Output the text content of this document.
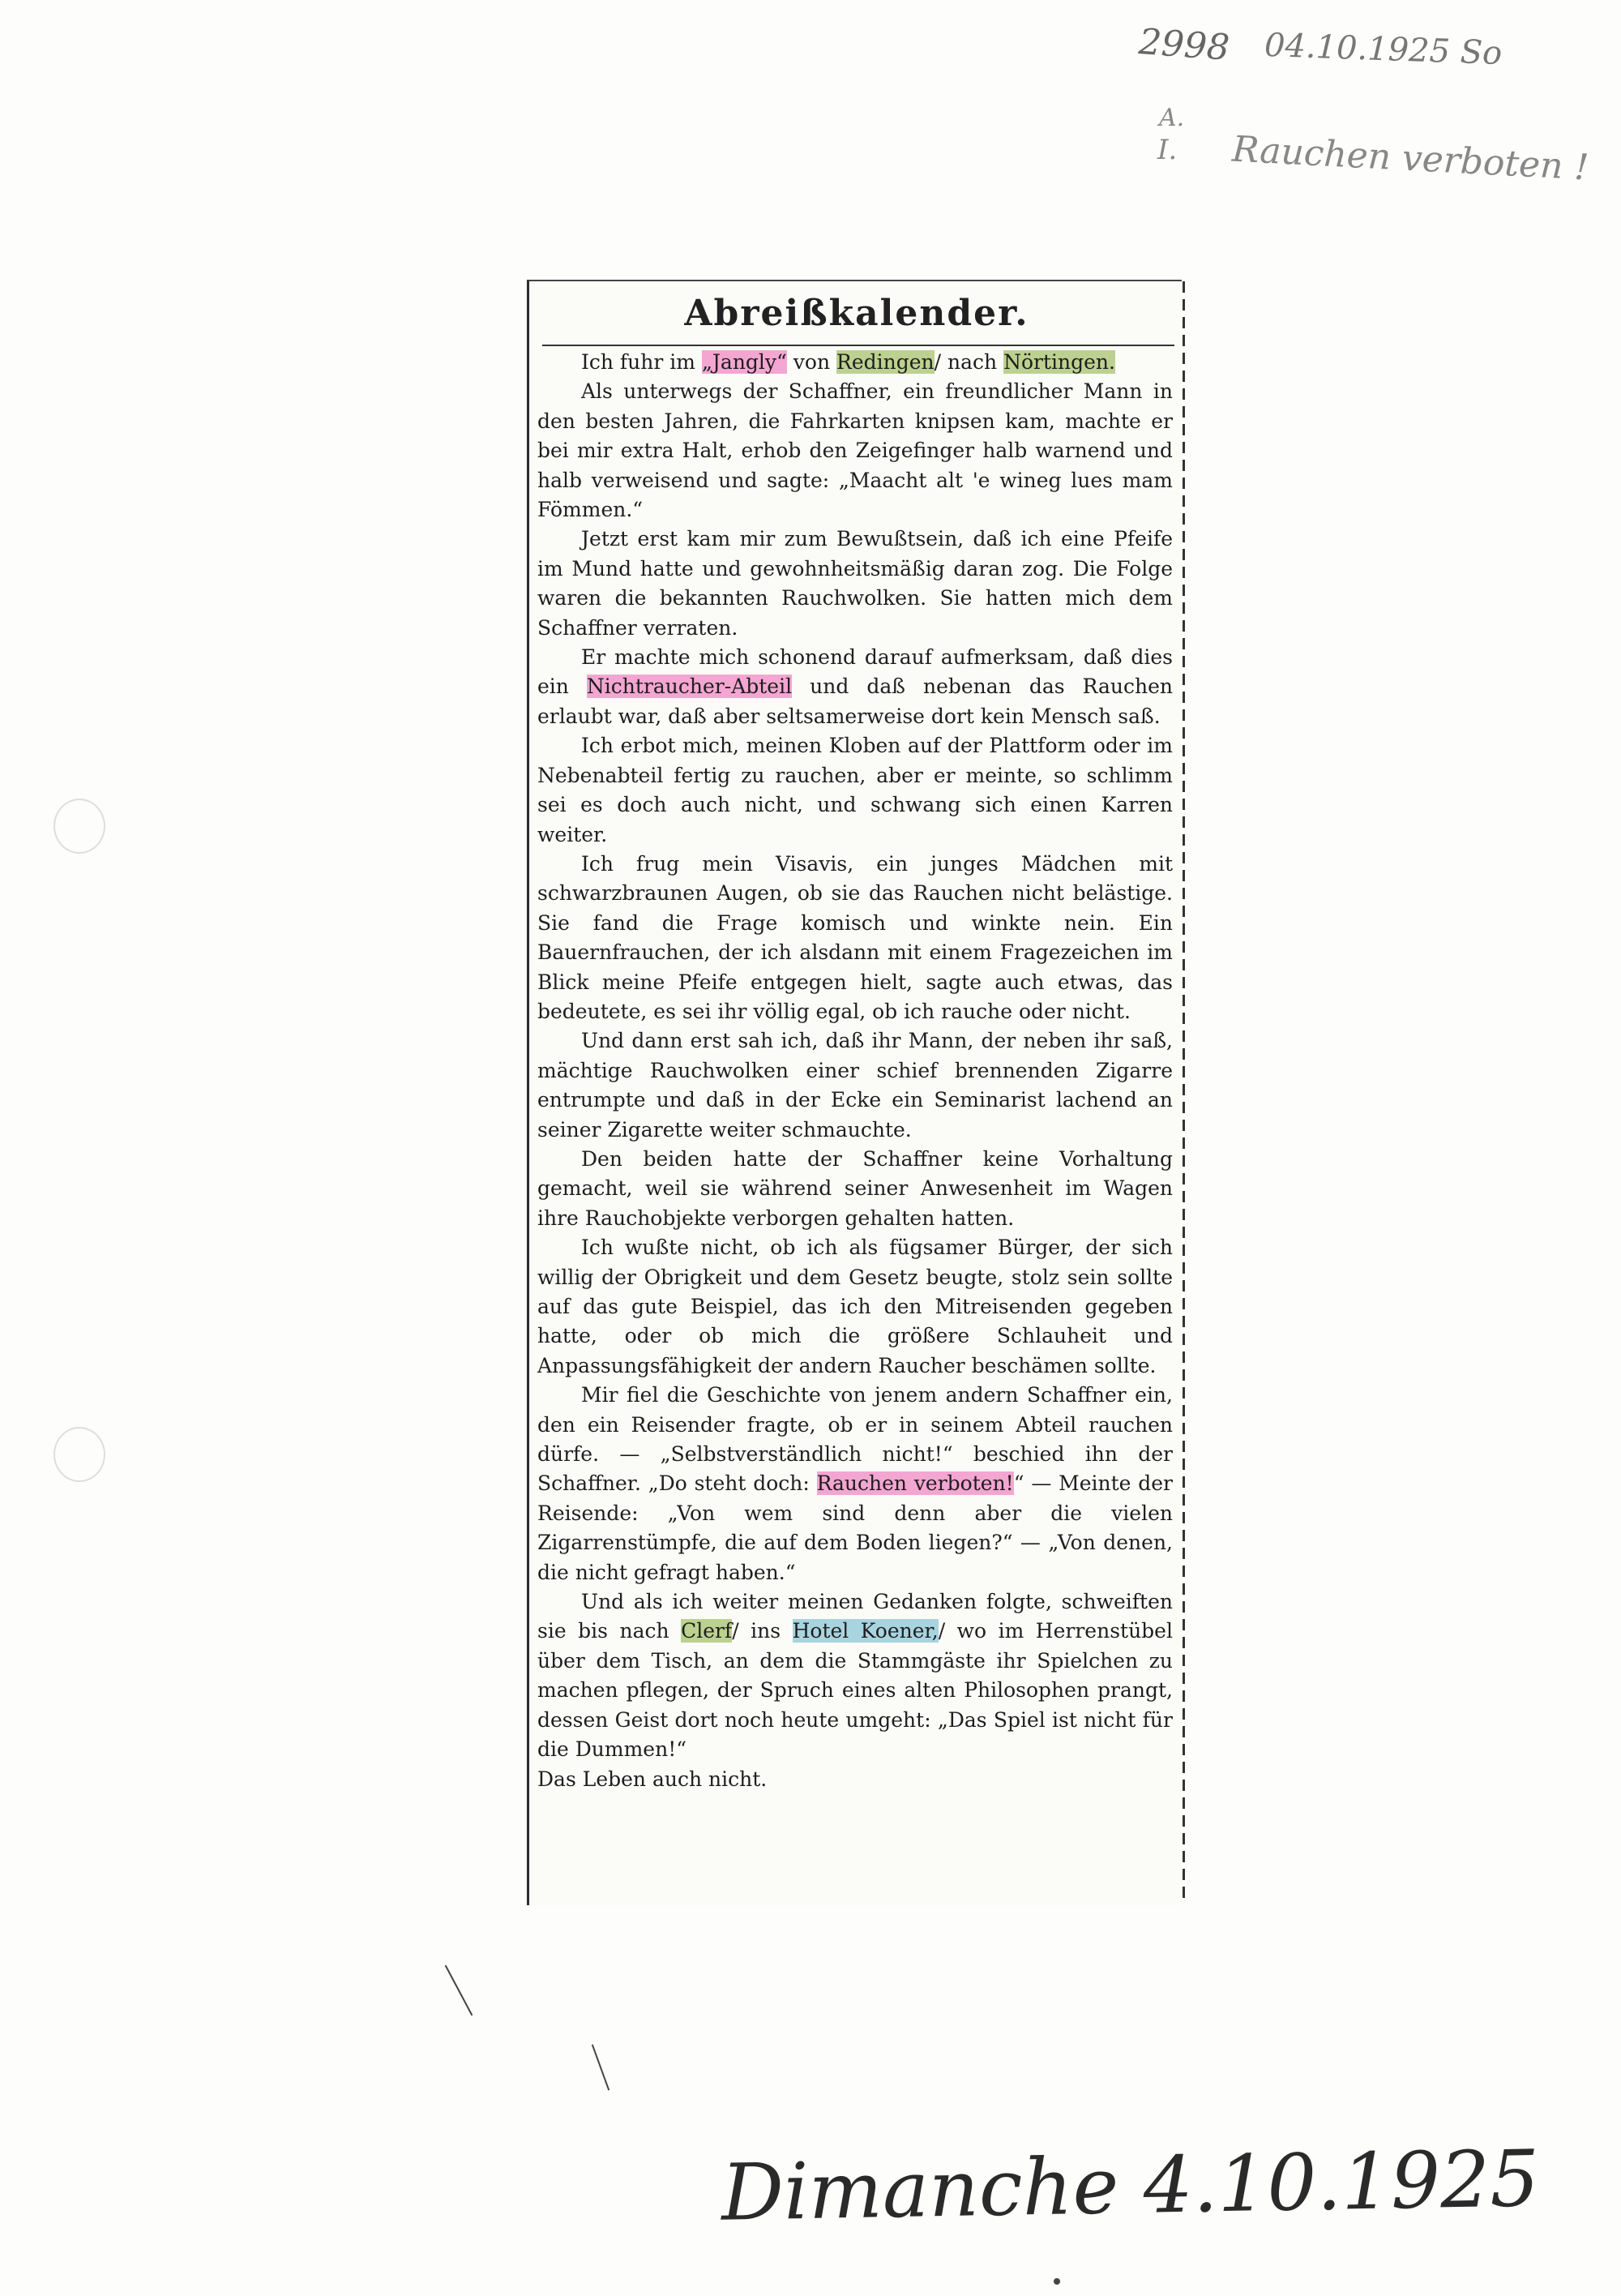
2998 04.10.1925 So
A.
I. Rauchen verboten !
Abreißkalender.

Ich fuhr im „Jangly“ von Redingen/ nach Nörtingen.

Als unterwegs der Schaffner, ein freundlicher Mann in den besten Jahren, die Fahrkarten knipsen kam, machte er bei mir extra Halt, erhob den Zeigefinger halb warnend und halb verweisend und sagte: „Maacht alt 'e wineg lues mam Fömmen.“

Jetzt erst kam mir zum Bewußtsein, daß ich eine Pfeife im Mund hatte und gewohnheitsmäßig daran zog. Die Folge waren die bekannten Rauchwolken. Sie hatten mich dem Schaffner verraten.

Er machte mich schonend darauf aufmerksam, daß dies ein Nichtraucher-Abteil und daß nebenan das Rauchen erlaubt war, daß aber seltsamerweise dort kein Mensch saß.

Ich erbot mich, meinen Kloben auf der Plattform oder im Nebenabteil fertig zu rauchen, aber er meinte, so schlimm sei es doch auch nicht, und schwang sich einen Karren weiter.

Ich frug mein Visavis, ein junges Mädchen mit schwarzbraunen Augen, ob sie das Rauchen nicht belästige. Sie fand die Frage komisch und winkte nein. Ein Bauernfrauchen, der ich alsdann mit einem Fragezeichen im Blick meine Pfeife entgegen hielt, sagte auch etwas, das bedeutete, es sei ihr völlig egal, ob ich rauche oder nicht.

Und dann erst sah ich, daß ihr Mann, der neben ihr saß, mächtige Rauchwolken einer schief brennenden Zigarre entrumpte und daß in der Ecke ein Seminarist lachend an seiner Zigarette weiter schmauchte.

Den beiden hatte der Schaffner keine Vorhaltung gemacht, weil sie während seiner Anwesenheit im Wagen ihre Rauchobjekte verborgen gehalten hatten.

Ich wußte nicht, ob ich als fügsamer Bürger, der sich willig der Obrigkeit und dem Gesetz beugte, stolz sein sollte auf das gute Beispiel, das ich den Mitreisenden gegeben hatte, oder ob mich die größere Schlauheit und Anpassungsfähigkeit der andern Raucher beschämen sollte.

Mir fiel die Geschichte von jenem andern Schaffner ein, den ein Reisender fragte, ob er in seinem Abteil rauchen dürfe. — „Selbstverständlich nicht!“ beschied ihn der Schaffner. „Do steht doch: Rauchen verboten!“ — Meinte der Reisende: „Von wem sind denn aber die vielen Zigarrenstümpfe, die auf dem Boden liegen?“ — „Von denen, die nicht gefragt haben.“

Und als ich weiter meinen Gedanken folgte, schweiften sie bis nach Clerf/ ins Hotel Koener,/ wo im Herrenstübel über dem Tisch, an dem die Stammgäste ihr Spielchen zu machen pflegen, der Spruch eines alten Philosophen prangt, dessen Geist dort noch heute umgeht: „Das Spiel ist nicht für die Dummen!“

Das Leben auch nicht.

Dimanche 4.10.1925
